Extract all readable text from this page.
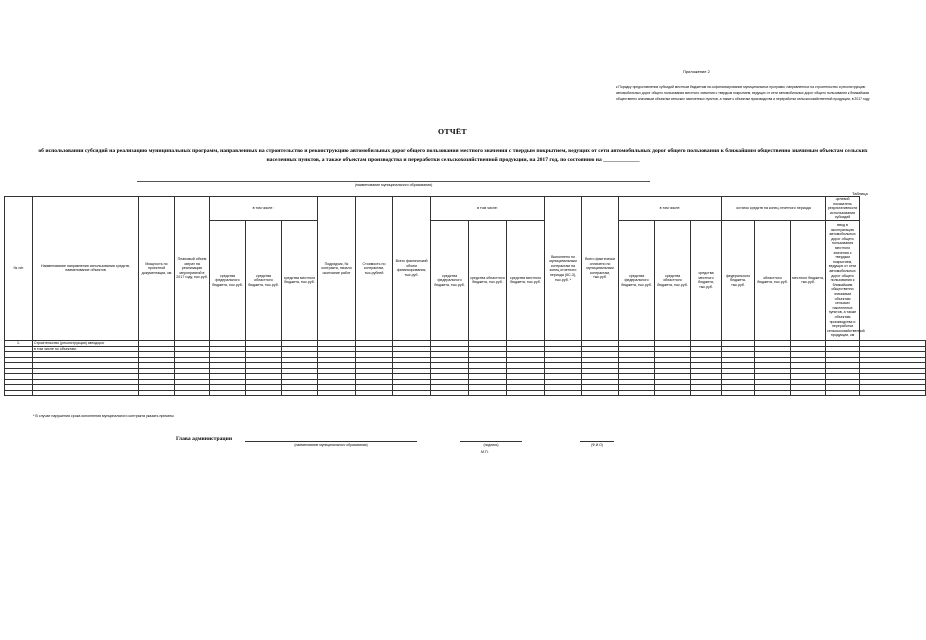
Приложение 2
к Порядку предоставления субсидий местным бюджетам на софинансирование муниципальных программ, направленных на строительство и реконструкцию автомобильных дорог общего пользования местного значения с твердым покрытием, ведущих от сети автомобильных дорог общего пользования к ближайшим общественно значимым объектам сельских населенных пунктов, а также к объектам производства и переработки сельскохозяйственной продукции, в 2017 году
ОТЧЁТ
об использовании субсидий на реализацию муниципальных программ, направленных на строительство и реконструкцию автомобильных дорог общего пользования местного значения с твердым покрытием, ведущих от сети автомобильных дорог общего пользования к ближайшим общественно значимым объектам сельских населенных пунктов, а также объектам производства и переработки сельскохозяйственной продукции, на 2017 год, по состоянию на _____________
(наименование муниципального образования)
Таблица
№ п/п	Наименование направления использования средств, наименование объектов	Мощность по проектной документации, км	Плановый объем затрат на реализацию мероприятий в 2017 году, тыс.руб.	в том числе :			Подрядчик, № контракта, начало окончание работ	Стоимость по контрактам, тыс.рублей	Всего фактический объем финансирования, тыс.руб.	в том числе:			Выполнено по муниципальным контрактам на конец отчетного периода (КС-3), тыс.руб. *	Всего фактически оплачено по муниципальным контрактам, тыс.руб.	в том числе:			остаток средств на конец отчетного периода			целевой показатель результативности использования субсидий	
				средства федерального бюджета, тыс.руб.	средства областного бюджета, тыс.руб.	средства местного бюджета, тыс.руб.				средства федерального бюджета, тыс.руб.	средства областного бюджета, тыс.руб.	средства местного бюджета, тыс.руб.			средства федерального бюджета, тыс.руб.	средства областного бюджета, тыс.руб.	средства местного бюджета, тыс.руб.	федерального бюджета, тыс.руб.	областного бюджета, тыс.руб.	местного бюджета, тыс.руб.	ввод в эксплуатацию автомобильных дорог общего пользования местного значения с твердым покрытием, ведущих от сети автомобильных дорог общего пользования к ближайшим общественно значимым объектам сельских населенных пунктов, а также объектам производства и переработки сельскохозяйственной продукции, км	
1.	Строительство (реконструкция) автодорог																					
	в том числе по объектам:																					

* В случае нарушения срока исполнения мунципального контракта указать причины
Глава администрации
(наименование муниципального образования)	(подпись)
М.П.
(Ф.И.О)
